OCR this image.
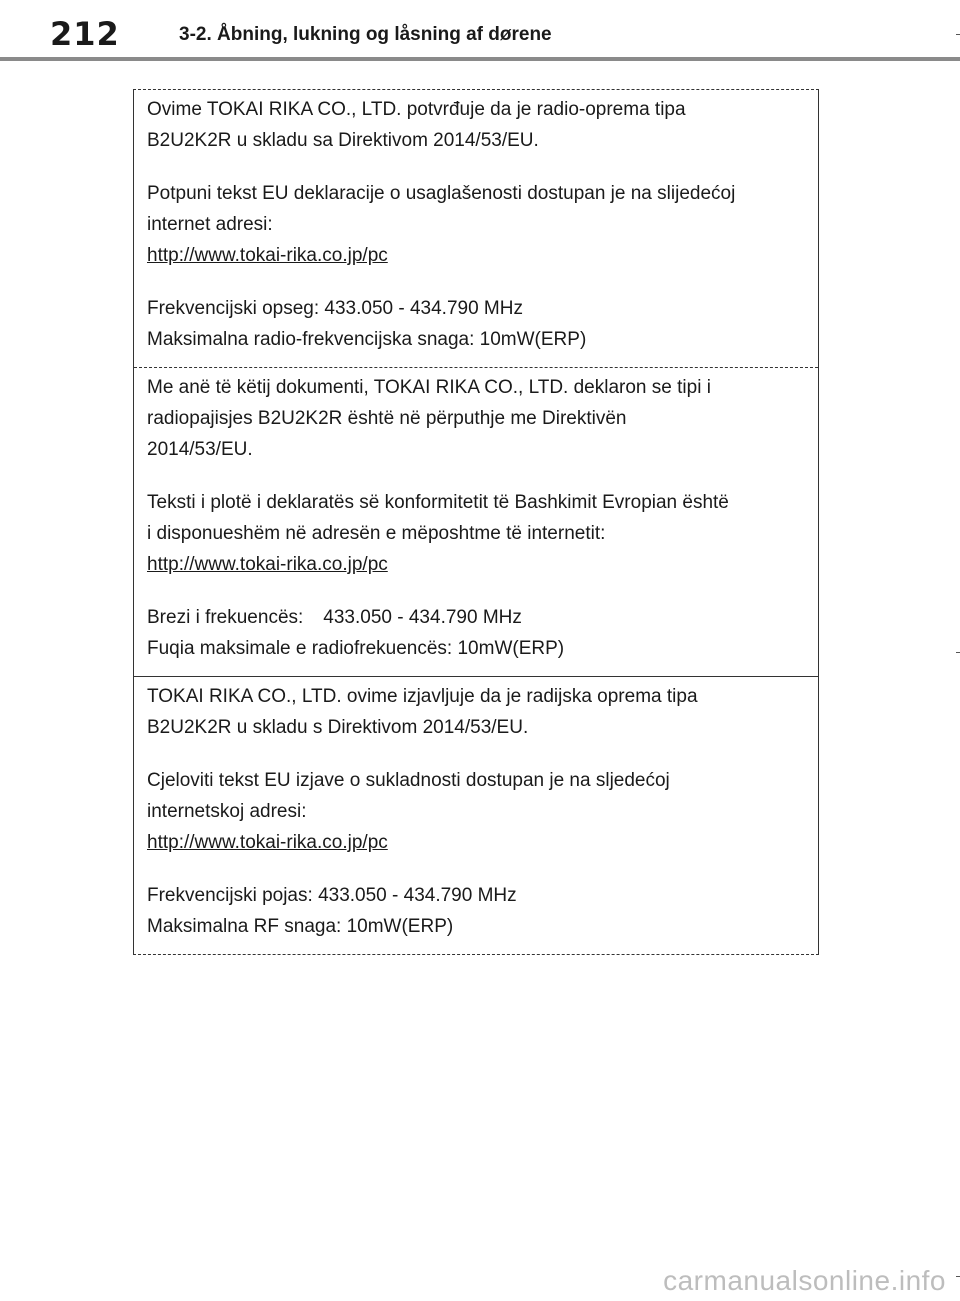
212	3-2. Åbning, lukning og låsning af dørene

Ovime TOKAI RIKA CO., LTD. potvrđuje da je radio-oprema tipa

B2U2K2R u skladu sa Direktivom 2014/53/EU.

Potpuni tekst EU deklaracije o usaglašenosti dostupan je na slijedećoj

internet adresi:

http://www.tokai-rika.co.jp/pc

Frekvencijski opseg: 433.050 - 434.790 MHz

Maksimalna radio-frekvencijska snaga: 10mW(ERP)

Me anë të këtij dokumenti, TOKAI RIKA CO., LTD. deklaron se tipi i

radiopajisjes B2U2K2R është në përputhje me Direktivën

2014/53/EU.

Teksti i plotë i deklaratës së konformitetit të Bashkimit Evropian është

i disponueshëm në adresën e mëposhtme të internetit:

http://www.tokai-rika.co.jp/pc

Brezi i frekuencës: 433.050 - 434.790 MHz

Fuqia maksimale e radiofrekuencës: 10mW(ERP)

TOKAI RIKA CO., LTD. ovime izjavljuje da je radijska oprema tipa

B2U2K2R u skladu s Direktivom 2014/53/EU.

Cjeloviti tekst EU izjave o sukladnosti dostupan je na sljedećoj

internetskoj adresi:

http://www.tokai-rika.co.jp/pc

Frekvencijski pojas: 433.050 - 434.790 MHz

Maksimalna RF snaga: 10mW(ERP)

carmanualsonline.info
